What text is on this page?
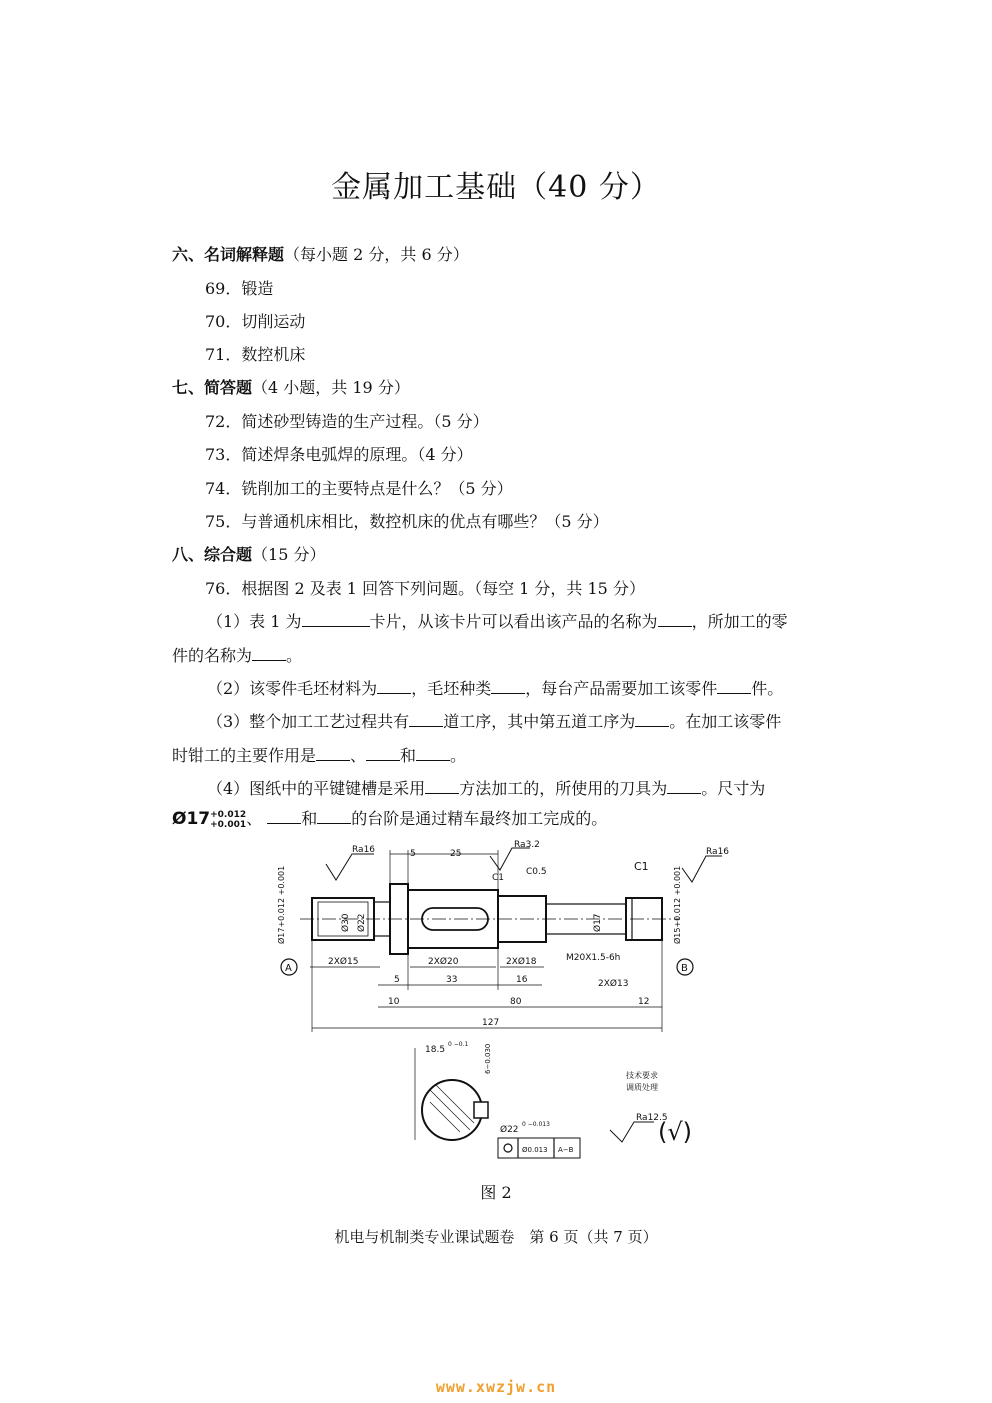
金属加工基础（40 分）
六、名词解释题（每小题 2 分，共 6 分）
69．锻造
70．切削运动
71．数控机床
七、简答题（4 小题，共 19 分）
72．简述砂型铸造的生产过程。（5 分）
73．简述焊条电弧焊的原理。（4 分）
74．铣削加工的主要特点是什么？（5 分）
75．与普通机床相比，数控机床的优点有哪些？（5 分）
八、综合题（15 分）
76．根据图 2 及表 1 回答下列问题。（每空 1 分，共 15 分）
（1）表 1 为	卡片，从该卡片可以看出该产品的名称为 ，所加工的零
件的名称为 。
（2）该零件毛坯材料为 ，毛坯种类 ，每台产品需要加工该零件 件。
（3）整个加工工艺过程共有 道工序，其中第五道工序为 。在加工该零件
时钳工的主要作用是 、 和 。
（4）图纸中的平键键槽是采用 方法加工的，所使用的刀具为 。尺寸为
Ø17+0.012
+0.001、 和 的台阶是通过精车最终加工完成的。
Ra16	Ra3.2
Ra16
Ra12.5
C1
C1
C0.5
5	25
2XØ15	2XØ20	2XØ18
5	33	16	2XØ13
10	80	12
127
M20X1.5-6h
A	B
18.5
0 −0.1
Ø22
0 −0.013
Ø0.013 A−B
技术要求
调质处理
(√)
Ø30 Ø22	Ø17
Ø17+0.012 +0.001	Ø15+0.012 +0.001
6−0.030
图 2
机电与机制类专业课试题卷　第 6 页（共 7 页）
www.xwzjw.cn
